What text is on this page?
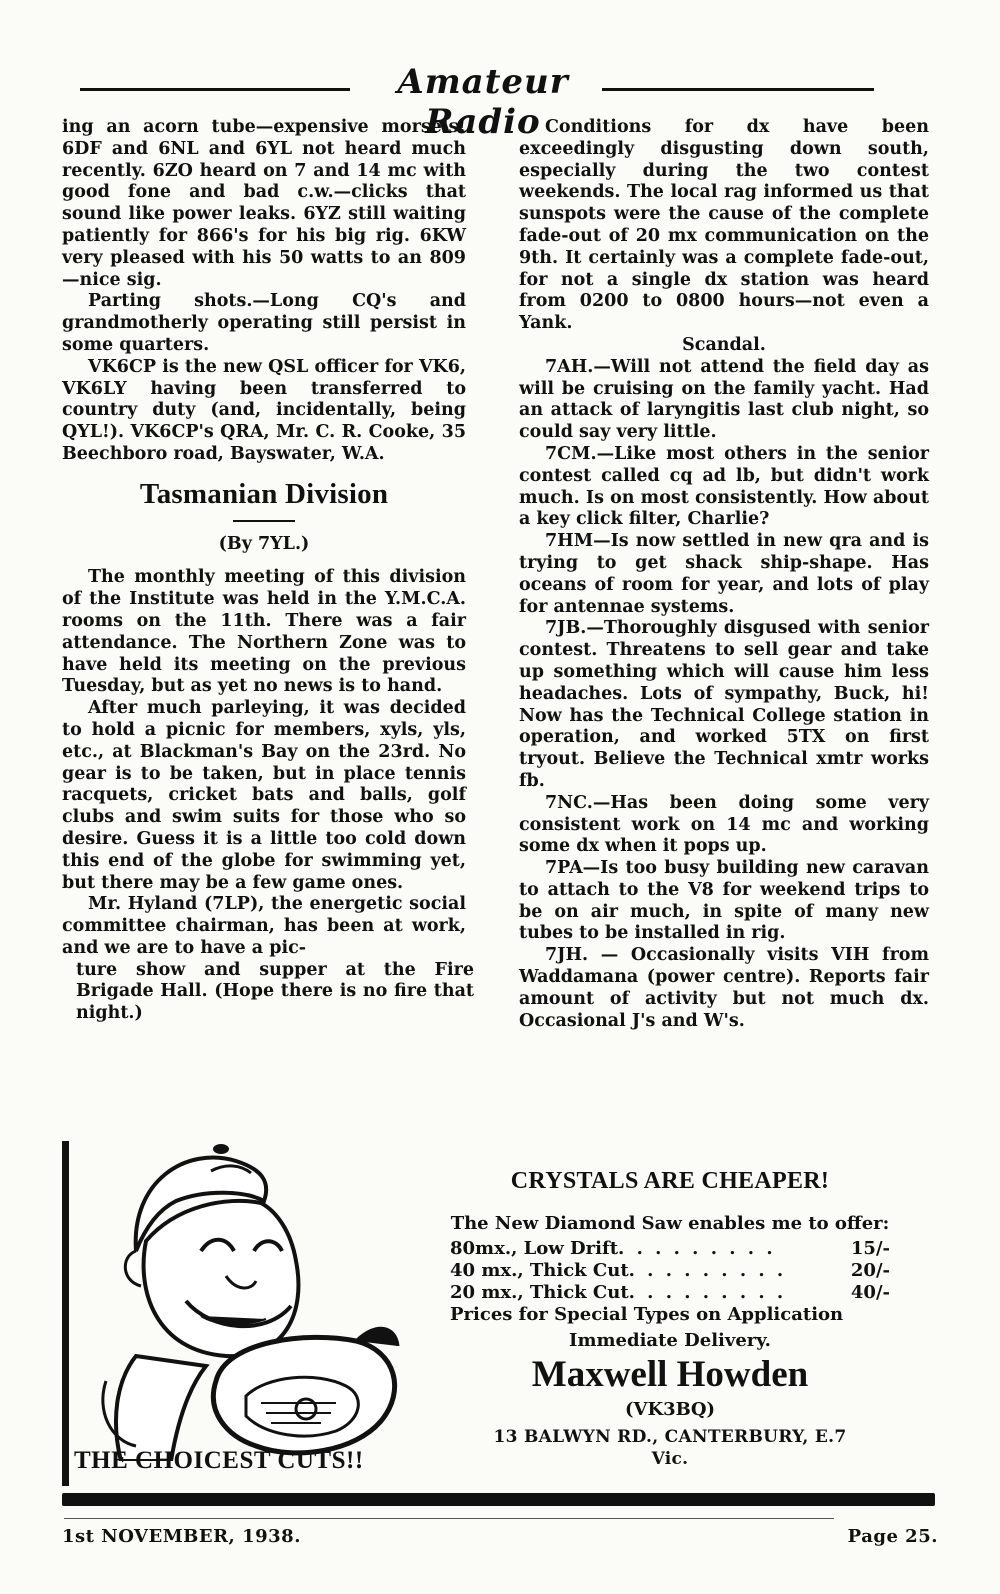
Amateur Radio

ing an acorn tube—expensive morsels! 6DF and 6NL and 6YL not heard much recently. 6ZO heard on 7 and 14 mc with good fone and bad c.w.—clicks that sound like power leaks. 6YZ still waiting patiently for 866's for his big rig. 6KW very pleased with his 50 watts to an 809 —nice sig.

Parting shots.—Long CQ's and grandmotherly operating still persist in some quarters.

VK6CP is the new QSL officer for VK6, VK6LY having been transferred to country duty (and, incidentally, being QYL!). VK6CP's QRA, Mr. C. R. Cooke, 35 Beechboro road, Bayswater, W.A.

Tasmanian Division
(By 7YL.)

The monthly meeting of this division of the Institute was held in the Y.M.C.A. rooms on the 11th. There was a fair attendance. The Northern Zone was to have held its meeting on the previous Tuesday, but as yet no news is to hand.

After much parleying, it was decided to hold a picnic for members, xyls, yls, etc., at Blackman's Bay on the 23rd. No gear is to be taken, but in place tennis racquets, cricket bats and balls, golf clubs and swim suits for those who so desire. Guess it is a little too cold down this end of the globe for swimming yet, but there may be a few game ones.

Mr. Hyland (7LP), the energetic social committee chairman, has been at work, and we are to have a pic-

ture show and supper at the Fire Brigade Hall. (Hope there is no fire that night.)

Conditions for dx have been exceedingly disgusting down south, especially during the two contest weekends. The local rag informed us that sunspots were the cause of the complete fade-out of 20 mx communication on the 9th. It certainly was a complete fade-out, for not a single dx station was heard from 0200 to 0800 hours—not even a Yank.

Scandal.

7AH.—Will not attend the field day as will be cruising on the family yacht. Had an attack of laryngitis last club night, so could say very little.

7CM.—Like most others in the senior contest called cq ad lb, but didn't work much. Is on most consistently. How about a key click filter, Charlie?

7HM—Is now settled in new qra and is trying to get shack ship-shape. Has oceans of room for year, and lots of play for antennae systems.

7JB.—Thoroughly disgused with senior contest. Threatens to sell gear and take up something which will cause him less headaches. Lots of sympathy, Buck, hi! Now has the Technical College station in operation, and worked 5TX on first tryout. Believe the Technical xmtr works fb.

7NC.—Has been doing some very consistent work on 14 mc and working some dx when it pops up.

7PA—Is too busy building new caravan to attach to the V8 for weekend trips to be on air much, in spite of many new tubes to be installed in rig.

7JH. — Occasionally visits VIH from Waddamana (power centre). Reports fair amount of activity but not much dx. Occasional J's and W's.

THE CHOICEST CUTS!!
CRYSTALS ARE CHEAPER!
The New Diamond Saw enables me to offer:
80mx., Low Drift . . . . . . . . .	15/-
40 mx., Thick Cut . . . . . . . . .	20/-
20 mx., Thick Cut . . . . . . . . .	40/-
Prices for Special Types on Application
Immediate Delivery.
Maxwell Howden
(VK3BQ)
13 BALWYN RD., CANTERBURY, E.7
Vic.
1st NOVEMBER, 1938.	Page 25.
